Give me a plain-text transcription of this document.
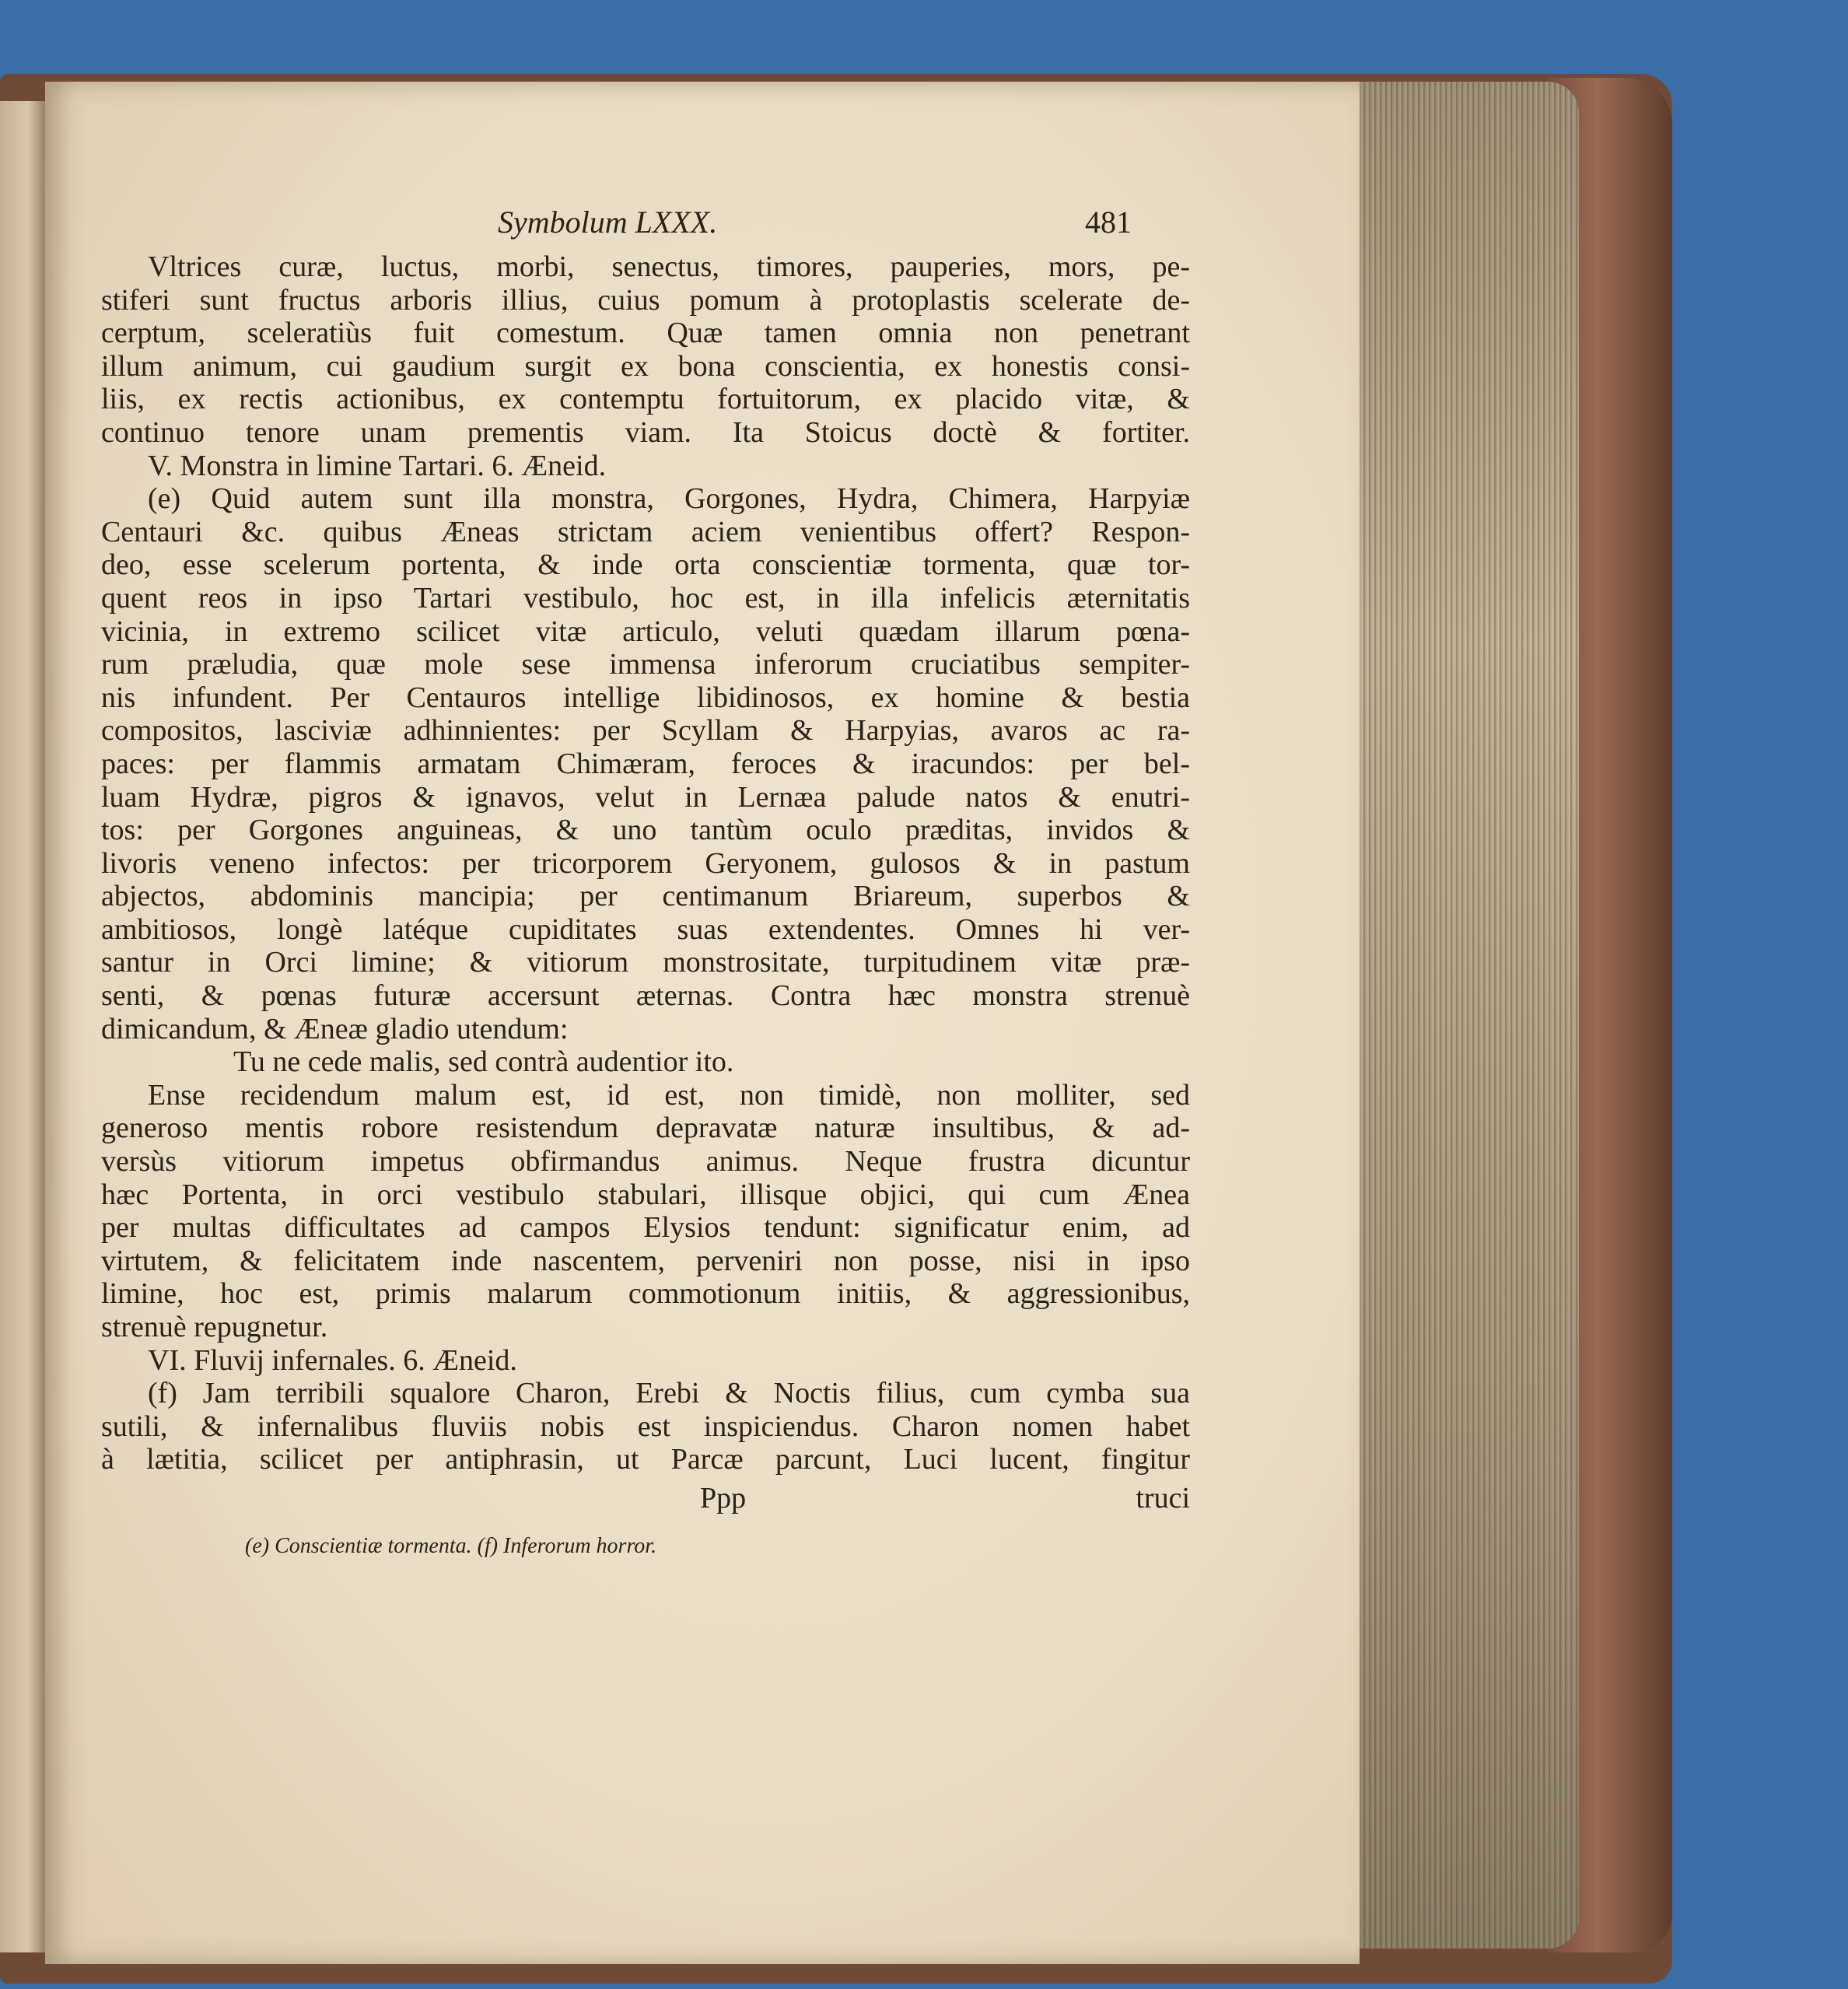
Symbolum LXXX.	481
Vltrices curæ, luctus, morbi, senectus, timores, pauperies, mors, pe-
stiferi sunt fructus arboris illius, cuius pomum à protoplastis scelerate de-
cerptum, sceleratiùs fuit comestum. Quæ tamen omnia non penetrant
illum animum, cui gaudium surgit ex bona conscientia, ex honestis consi-
liis, ex rectis actionibus, ex contemptu fortuitorum, ex placido vitæ, &
continuo tenore unam prementis viam. Ita Stoicus doctè & fortiter.
V. Monstra in limine Tartari. 6. Æneid.
(e) Quid autem sunt illa monstra, Gorgones, Hydra, Chimera, Harpyiæ
Centauri &c. quibus Æneas strictam aciem venientibus offert? Respon-
deo, esse scelerum portenta, & inde orta conscientiæ tormenta, quæ tor-
quent reos in ipso Tartari vestibulo, hoc est, in illa infelicis æternitatis
vicinia, in extremo scilicet vitæ articulo, veluti quædam illarum pœna-
rum præludia, quæ mole sese immensa inferorum cruciatibus sempiter-
nis infundent. Per Centauros intellige libidinosos, ex homine & bestia
compositos, lasciviæ adhinnientes: per Scyllam & Harpyias, avaros ac ra-
paces: per flammis armatam Chimæram, feroces & iracundos: per bel-
luam Hydræ, pigros & ignavos, velut in Lernæa palude natos & enutri-
tos: per Gorgones anguineas, & uno tantùm oculo præditas, invidos &
livoris veneno infectos: per tricorporem Geryonem, gulosos & in pastum
abjectos, abdominis mancipia; per centimanum Briareum, superbos &
ambitiosos, longè latéque cupiditates suas extendentes. Omnes hi ver-
santur in Orci limine; & vitiorum monstrositate, turpitudinem vitæ præ-
senti, & pœnas futuræ accersunt æternas. Contra hæc monstra strenuè
dimicandum, & Æneæ gladio utendum:
Tu ne cede malis, sed contrà audentior ito.
Ense recidendum malum est, id est, non timidè, non molliter, sed
generoso mentis robore resistendum depravatæ naturæ insultibus, & ad-
versùs vitiorum impetus obfirmandus animus. Neque frustra dicuntur
hæc Portenta, in orci vestibulo stabulari, illisque objici, qui cum Ænea
per multas difficultates ad campos Elysios tendunt: significatur enim, ad
virtutem, & felicitatem inde nascentem, perveniri non posse, nisi in ipso
limine, hoc est, primis malarum commotionum initiis, & aggressionibus,
strenuè repugnetur.
VI. Fluvij infernales. 6. Æneid.
(f) Jam terribili squalore Charon, Erebi & Noctis filius, cum cymba sua
sutili, & infernalibus fluviis nobis est inspiciendus. Charon nomen habet
à lætitia, scilicet per antiphrasin, ut Parcæ parcunt, Luci lucent, fingitur
Ppp	truci
(e) Conscientiæ tormenta. (f) Inferorum horror.
